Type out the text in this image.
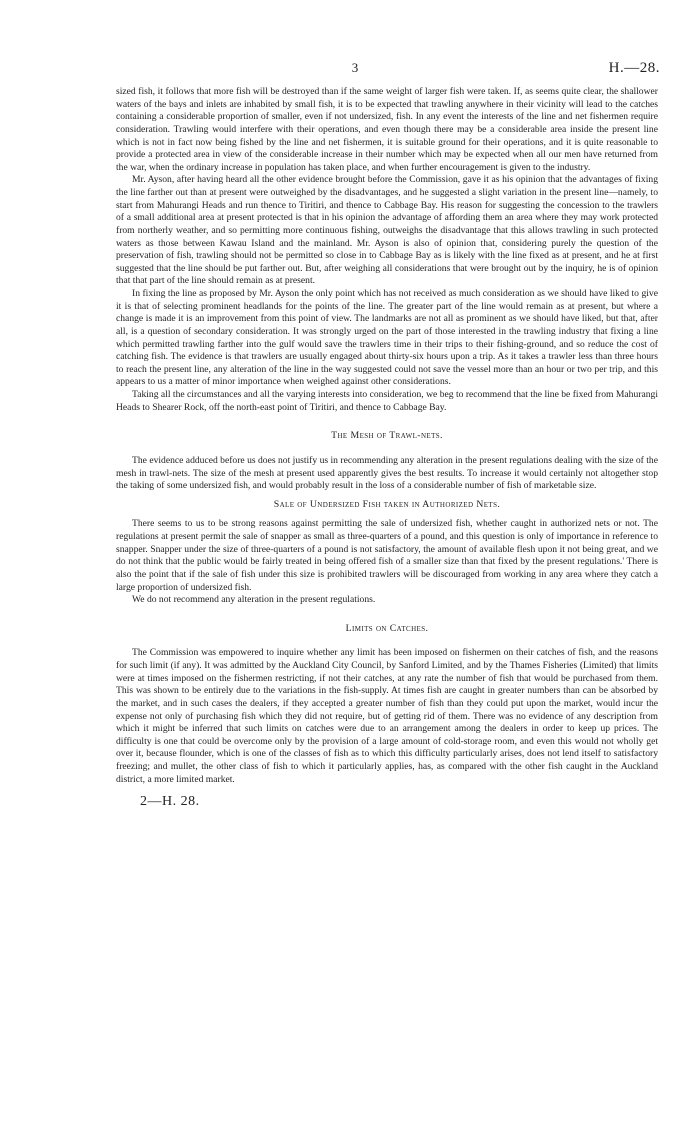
3	H.—28.

sized fish, it follows that more fish will be destroyed than if the same weight of larger fish were taken. If, as seems quite clear, the shallower waters of the bays and inlets are inhabited by small fish, it is to be expected that trawling anywhere in their vicinity will lead to the catches containing a considerable proportion of smaller, even if not undersized, fish. In any event the interests of the line and net fishermen require consideration. Trawling would interfere with their operations, and even though there may be a considerable area inside the present line which is not in fact now being fished by the line and net fishermen, it is suitable ground for their operations, and it is quite reasonable to provide a protected area in view of the considerable increase in their number which may be expected when all our men have returned from the war, when the ordinary increase in population has taken place, and when further encouragement is given to the industry.

Mr. Ayson, after having heard all the other evidence brought before the Commission, gave it as his opinion that the advantages of fixing the line farther out than at present were outweighed by the disadvantages, and he suggested a slight variation in the present line—namely, to start from Mahurangi Heads and run thence to Tiritiri, and thence to Cabbage Bay. His reason for suggesting the concession to the trawlers of a small additional area at present protected is that in his opinion the advantage of affording them an area where they may work protected from northerly weather, and so permitting more continuous fishing, outweighs the disadvantage that this allows trawling in such protected waters as those between Kawau Island and the mainland. Mr. Ayson is also of opinion that, considering purely the question of the preservation of fish, trawling should not be permitted so close in to Cabbage Bay as is likely with the line fixed as at present, and he at first suggested that the line should be put farther out. But, after weighing all considerations that were brought out by the inquiry, he is of opinion that that part of the line should remain as at present.

In fixing the line as proposed by Mr. Ayson the only point which has not received as much consideration as we should have liked to give it is that of selecting prominent headlands for the points of the line. The greater part of the line would remain as at present, but where a change is made it is an improvement from this point of view. The landmarks are not all as prominent as we should have liked, but that, after all, is a question of secondary consideration. It was strongly urged on the part of those interested in the trawling industry that fixing a line which permitted trawling farther into the gulf would save the trawlers time in their trips to their fishing-ground, and so reduce the cost of catching fish. The evidence is that trawlers are usually engaged about thirty-six hours upon a trip. As it takes a trawler less than three hours to reach the present line, any alteration of the line in the way suggested could not save the vessel more than an hour or two per trip, and this appears to us a matter of minor importance when weighed against other considerations.

Taking all the circumstances and all the varying interests into consideration, we beg to recommend that the line be fixed from Mahurangi Heads to Shearer Rock, off the north-east point of Tiritiri, and thence to Cabbage Bay.

The Mesh of Trawl-nets.

The evidence adduced before us does not justify us in recommending any alteration in the present regulations dealing with the size of the mesh in trawl-nets. The size of the mesh at present used apparently gives the best results. To increase it would certainly not altogether stop the taking of some undersized fish, and would probably result in the loss of a considerable number of fish of marketable size.

Sale of Undersized Fish taken in Authorized Nets.

There seems to us to be strong reasons against permitting the sale of undersized fish, whether caught in authorized nets or not. The regulations at present permit the sale of snapper as small as three-quarters of a pound, and this question is only of importance in reference to snapper. Snapper under the size of three-quarters of a pound is not satisfactory, the amount of available flesh upon it not being great, and we do not think that the public would be fairly treated in being offered fish of a smaller size than that fixed by the present regulations.' There is also the point that if the sale of fish under this size is prohibited trawlers will be discouraged from working in any area where they catch a large proportion of undersized fish.

We do not recommend any alteration in the present regulations.

Limits on Catches.

The Commission was empowered to inquire whether any limit has been imposed on fishermen on their catches of fish, and the reasons for such limit (if any). It was admitted by the Auckland City Council, by Sanford Limited, and by the Thames Fisheries (Limited) that limits were at times imposed on the fishermen restricting, if not their catches, at any rate the number of fish that would be purchased from them. This was shown to be entirely due to the variations in the fish-supply. At times fish are caught in greater numbers than can be absorbed by the market, and in such cases the dealers, if they accepted a greater number of fish than they could put upon the market, would incur the expense not only of purchasing fish which they did not require, but of getting rid of them. There was no evidence of any description from which it might be inferred that such limits on catches were due to an arrangement among the dealers in order to keep up prices. The difficulty is one that could be overcome only by the provision of a large amount of cold-storage room, and even this would not wholly get over it, because flounder, which is one of the classes of fish as to which this difficulty particularly arises, does not lend itself to satisfactory freezing; and mullet, the other class of fish to which it particularly applies, has, as compared with the other fish caught in the Auckland district, a more limited market.

2—H. 28.
